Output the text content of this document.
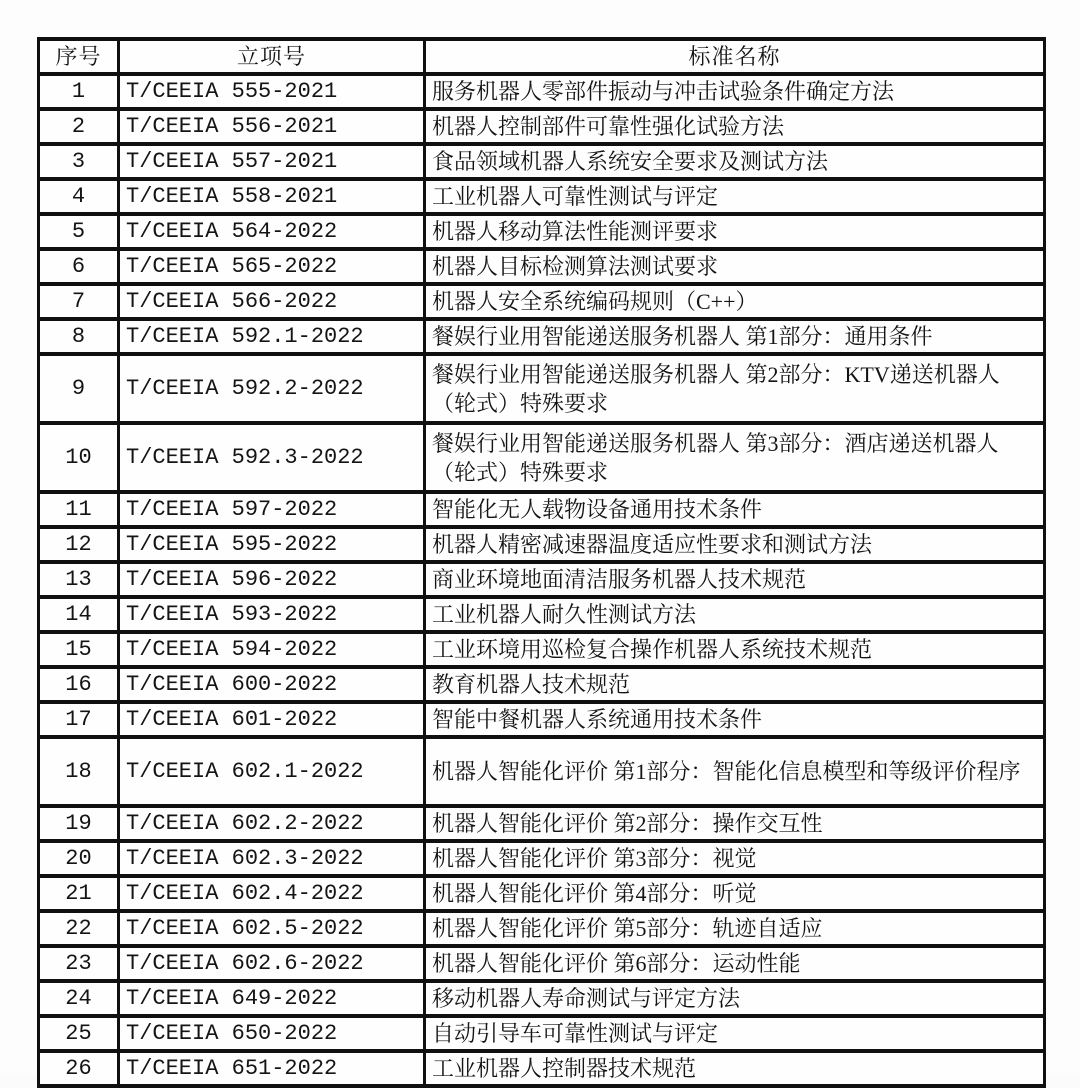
序号	立项号	标准名称
1	T/CEEIA 555-2021	服务机器人零部件振动与冲击试验条件确定方法
2	T/CEEIA 556-2021	机器人控制部件可靠性强化试验方法
3	T/CEEIA 557-2021	食品领域机器人系统安全要求及测试方法
4	T/CEEIA 558-2021	工业机器人可靠性测试与评定
5	T/CEEIA 564-2022	机器人移动算法性能测评要求
6	T/CEEIA 565-2022	机器人目标检测算法测试要求
7	T/CEEIA 566-2022	机器人安全系统编码规则（C++）
8	T/CEEIA 592.1-2022	餐娱行业用智能递送服务机器人 第1部分：通用条件
9	T/CEEIA 592.2-2022	餐娱行业用智能递送服务机器人 第2部分：KTV递送机器人（轮式）特殊要求
10	T/CEEIA 592.3-2022	餐娱行业用智能递送服务机器人 第3部分：酒店递送机器人（轮式）特殊要求
11	T/CEEIA 597-2022	智能化无人载物设备通用技术条件
12	T/CEEIA 595-2022	机器人精密减速器温度适应性要求和测试方法
13	T/CEEIA 596-2022	商业环境地面清洁服务机器人技术规范
14	T/CEEIA 593-2022	工业机器人耐久性测试方法
15	T/CEEIA 594-2022	工业环境用巡检复合操作机器人系统技术规范
16	T/CEEIA 600-2022	教育机器人技术规范
17	T/CEEIA 601-2022	智能中餐机器人系统通用技术条件
18	T/CEEIA 602.1-2022	机器人智能化评价 第1部分：智能化信息模型和等级评价程序
19	T/CEEIA 602.2-2022	机器人智能化评价 第2部分：操作交互性
20	T/CEEIA 602.3-2022	机器人智能化评价 第3部分：视觉
21	T/CEEIA 602.4-2022	机器人智能化评价 第4部分：听觉
22	T/CEEIA 602.5-2022	机器人智能化评价 第5部分：轨迹自适应
23	T/CEEIA 602.6-2022	机器人智能化评价 第6部分：运动性能
24	T/CEEIA 649-2022	移动机器人寿命测试与评定方法
25	T/CEEIA 650-2022	自动引导车可靠性测试与评定
26	T/CEEIA 651-2022	工业机器人控制器技术规范
